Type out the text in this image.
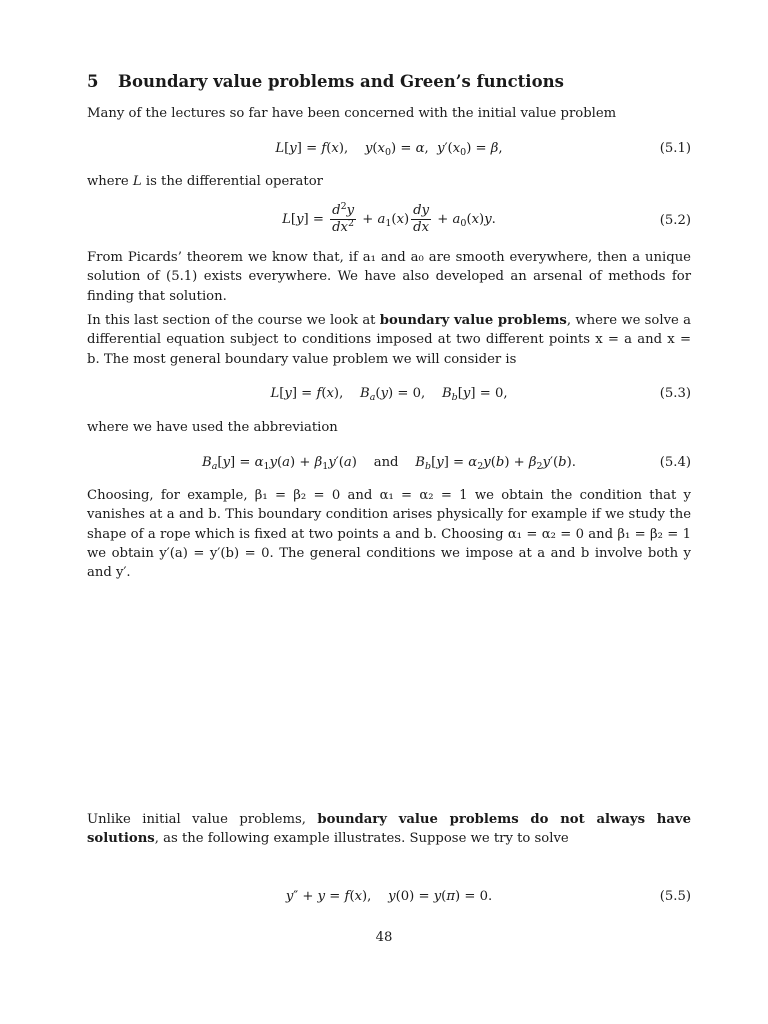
5 Boundary value problems and Green’s functions
Many of the lectures so far have been concerned with the initial value problem
L[y] = f(x),    $y(x_0) = \alpha$,  $y'(x_0) = \beta$,	(5.1)
where L is the differential operator
$L[y] = \frac{d^2y}{dx^2} + a_1(x) \frac{dy}{dx} + a_0(x)y$.	(5.2)
From Picards’ theorem we know that, if a₁ and a₀ are smooth everywhere, then a unique solution of (5.1) exists everywhere. We have also developed an arsenal of methods for finding that solution.
In this last section of the course we look at boundary value problems, where we solve a differential equation subject to conditions imposed at two different points x = a and x = b. The most general boundary value problem we will consider is
L[y] = f(x),    $B_a(y) = 0$,    $B_b[y] = 0$,	(5.3)
where we have used the abbreviation
$B_a[y] = \alpha_1y(a) + \beta_1y'(a)$    and $B_b[y] = \alpha_2y(b) + \beta_2y'(b)$.	(5.4)
Choosing, for example, β₁ = β₂ = 0 and α₁ = α₂ = 1 we obtain the condition that y vanishes at a and b. This boundary condition arises physically for example if we study the shape of a rope which is fixed at two points a and b. Choosing α₁ = α₂ = 0 and β₁ = β₂ = 1 we obtain y′(a) = y′(b) = 0. The general conditions we impose at a and b involve both y and y′.
Unlike initial value problems, boundary value problems do not always have solutions, as the following example illustrates. Suppose we try to solve
y″ + y = f(x),    y(0) = y(π) = 0.	(5.5)
48
